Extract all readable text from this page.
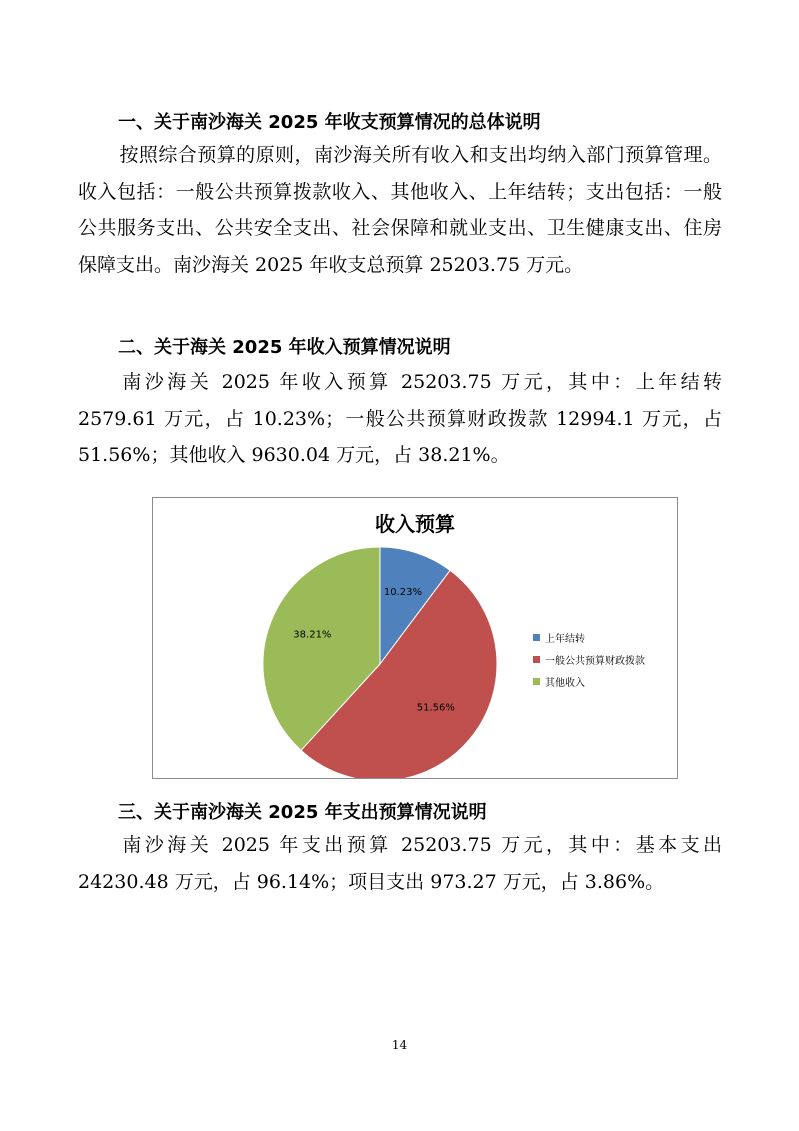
一、关于南沙海关 2025 年收支预算情况的总体说明

按照综合预算的原则，南沙海关所有收入和支出均纳入部门预算管理。收入包括：一般公共预算拨款收入、其他收入、上年结转；支出包括：一般公共服务支出、公共安全支出、社会保障和就业支出、卫生健康支出、住房保障支出。南沙海关 2025 年收支总预算 25203.75 万元。

二、关于海关 2025 年收入预算情况说明

南沙海关 2025 年收入预算 25203.75 万元，其中：上年结转 2579.61 万元，占 10.23%；一般公共预算财政拨款 12994.1 万元，占 51.56%；其他收入 9630.04 万元，占 38.21%。

收入预算
10.23%
51.56%
38.21%	上年结转
一般公共预算财政拨款
其他收入
三、关于南沙海关 2025 年支出预算情况说明

南沙海关 2025 年支出预算 25203.75 万元，其中：基本支出 24230.48 万元，占 96.14%；项目支出 973.27 万元，占 3.86%。

14
